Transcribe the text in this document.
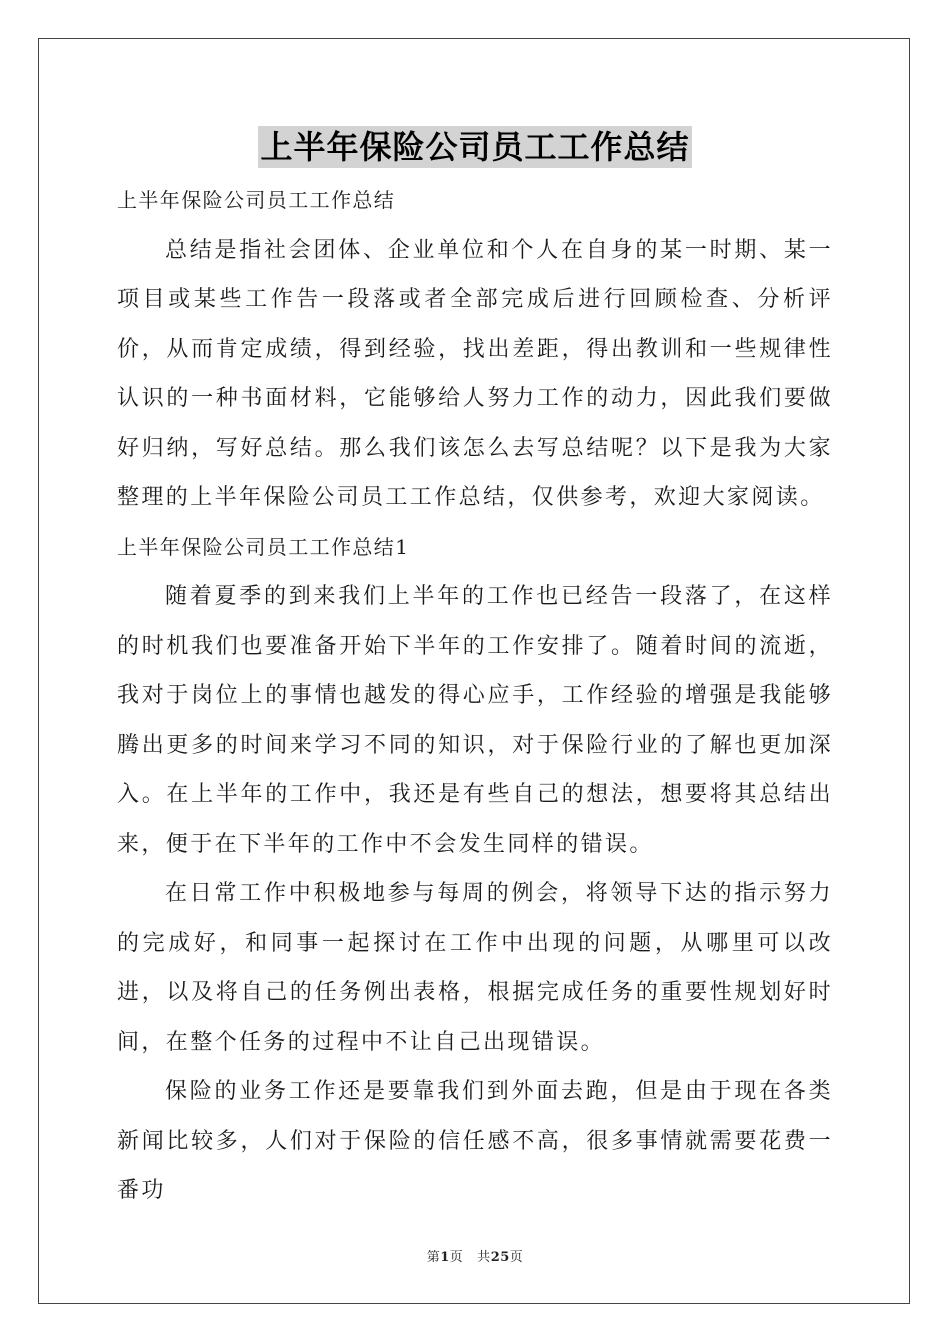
上半年保险公司员工工作总结

上半年保险公司员工工作总结

总结是指社会团体、企业单位和个人在自身的某一时期、某一项目或某些工作告一段落或者全部完成后进行回顾检查、分析评价，从而肯定成绩，得到经验，找出差距，得出教训和一些规律性认识的一种书面材料，它能够给人努力工作的动力，因此我们要做好归纳，写好总结。那么我们该怎么去写总结呢？以下是我为大家整理的上半年保险公司员工工作总结，仅供参考，欢迎大家阅读。

上半年保险公司员工工作总结1

随着夏季的到来我们上半年的工作也已经告一段落了，在这样的时机我们也要准备开始下半年的工作安排了。随着时间的流逝，我对于岗位上的事情也越发的得心应手，工作经验的增强是我能够腾出更多的时间来学习不同的知识，对于保险行业的了解也更加深入。在上半年的工作中，我还是有些自己的想法，想要将其总结出来，便于在下半年的工作中不会发生同样的错误。

在日常工作中积极地参与每周的例会，将领导下达的指示努力的完成好，和同事一起探讨在工作中出现的问题，从哪里可以改进，以及将自己的任务例出表格，根据完成任务的重要性规划好时间，在整个任务的过程中不让自己出现错误。

保险的业务工作还是要靠我们到外面去跑，但是由于现在各类新闻比较多，人们对于保险的信任感不高，很多事情就需要花费一番功

第1页 共25页
